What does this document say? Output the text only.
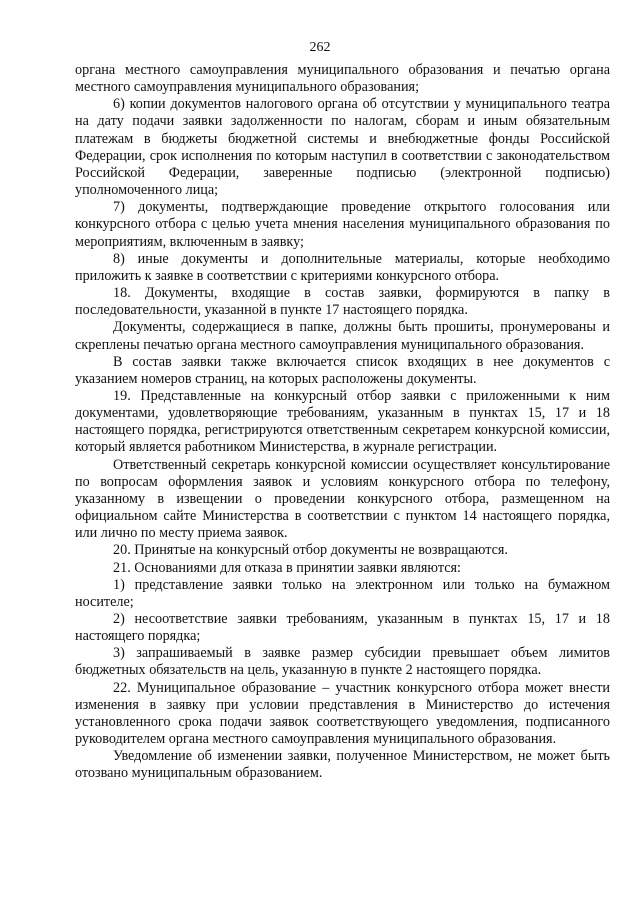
262

органа местного самоуправления муниципального образования и печатью органа местного самоуправления муниципального образования;

6) копии документов налогового органа об отсутствии у муниципального театра на дату подачи заявки задолженности по налогам, сборам и иным обязательным платежам в бюджеты бюджетной системы и внебюджетные фонды Российской Федерации, срок исполнения по которым наступил в соответствии с законодательством Российской Федерации, заверенные подписью (электронной подписью) уполномоченного лица;

7) документы, подтверждающие проведение открытого голосования или конкурсного отбора с целью учета мнения населения муниципального образования по мероприятиям, включенным в заявку;

8) иные документы и дополнительные материалы, которые необходимо приложить к заявке в соответствии с критериями конкурсного отбора.

18. Документы, входящие в состав заявки, формируются в папку в последовательности, указанной в пункте 17 настоящего порядка.

Документы, содержащиеся в папке, должны быть прошиты, пронумерованы и скреплены печатью органа местного самоуправления муниципального образования.

В состав заявки также включается список входящих в нее документов с указанием номеров страниц, на которых расположены документы.

19. Представленные на конкурсный отбор заявки с приложенными к ним документами, удовлетворяющие требованиям, указанным в пунктах 15, 17 и 18 настоящего порядка, регистрируются ответственным секретарем конкурсной комиссии, который является работником Министерства, в журнале регистрации.

Ответственный секретарь конкурсной комиссии осуществляет консультирование по вопросам оформления заявок и условиям конкурсного отбора по телефону, указанному в извещении о проведении конкурсного отбора, размещенном на официальном сайте Министерства в соответствии с пунктом 14 настоящего порядка, или лично по месту приема заявок.

20. Принятые на конкурсный отбор документы не возвращаются.

21. Основаниями для отказа в принятии заявки являются:

1) представление заявки только на электронном или только на бумажном носителе;

2) несоответствие заявки требованиям, указанным в пунктах 15, 17 и 18 настоящего порядка;

3) запрашиваемый в заявке размер субсидии превышает объем лимитов бюджетных обязательств на цель, указанную в пункте 2 настоящего порядка.

22. Муниципальное образование – участник конкурсного отбора может внести изменения в заявку при условии представления в Министерство до истечения установленного срока подачи заявок соответствующего уведомления, подписанного руководителем органа местного самоуправления муниципального образования.

Уведомление об изменении заявки, полученное Министерством, не может быть отозвано муниципальным образованием.
